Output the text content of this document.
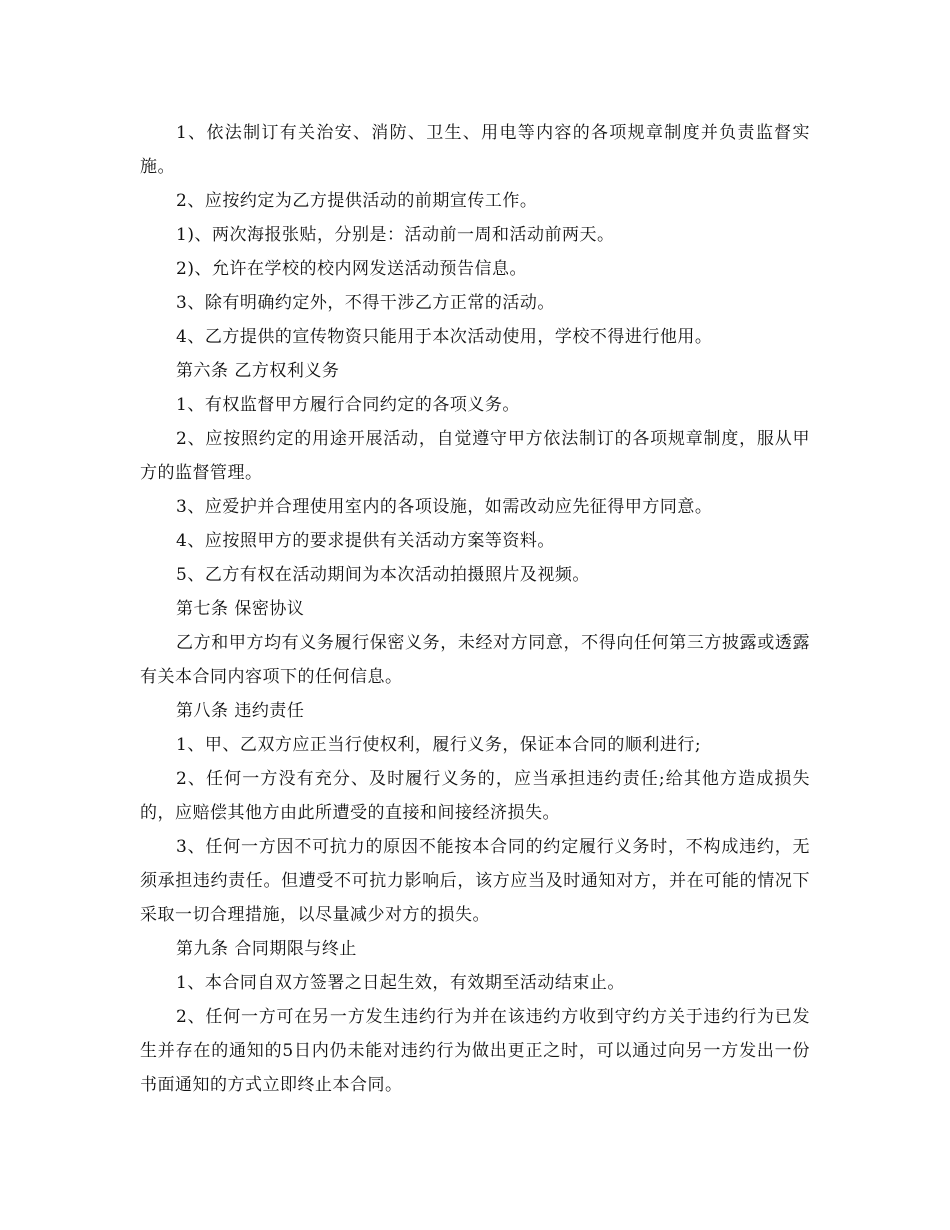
1、依法制订有关治安、消防、卫生、用电等内容的各项规章制度并负责监督实施。

2、应按约定为乙方提供活动的前期宣传工作。

1)、两次海报张贴，分别是：活动前一周和活动前两天。

2)、允许在学校的校内网发送活动预告信息。

3、除有明确约定外，不得干涉乙方正常的活动。

4、乙方提供的宣传物资只能用于本次活动使用，学校不得进行他用。

第六条 乙方权利义务

1、有权监督甲方履行合同约定的各项义务。

2、应按照约定的用途开展活动，自觉遵守甲方依法制订的各项规章制度，服从甲方的监督管理。

3、应爱护并合理使用室内的各项设施，如需改动应先征得甲方同意。

4、应按照甲方的要求提供有关活动方案等资料。

5、乙方有权在活动期间为本次活动拍摄照片及视频。

第七条 保密协议

乙方和甲方均有义务履行保密义务，未经对方同意，不得向任何第三方披露或透露有关本合同内容项下的任何信息。

第八条 违约责任

1、甲、乙双方应正当行使权利，履行义务，保证本合同的顺利进行;

2、任何一方没有充分、及时履行义务的，应当承担违约责任;给其他方造成损失的，应赔偿其他方由此所遭受的直接和间接经济损失。

3、任何一方因不可抗力的原因不能按本合同的约定履行义务时，不构成违约，无须承担违约责任。但遭受不可抗力影响后，该方应当及时通知对方，并在可能的情况下采取一切合理措施，以尽量减少对方的损失。

第九条 合同期限与终止

1、本合同自双方签署之日起生效，有效期至活动结束止。

2、任何一方可在另一方发生违约行为并在该违约方收到守约方关于违约行为已发生并存在的通知的5日内仍未能对违约行为做出更正之时，可以通过向另一方发出一份书面通知的方式立即终止本合同。
